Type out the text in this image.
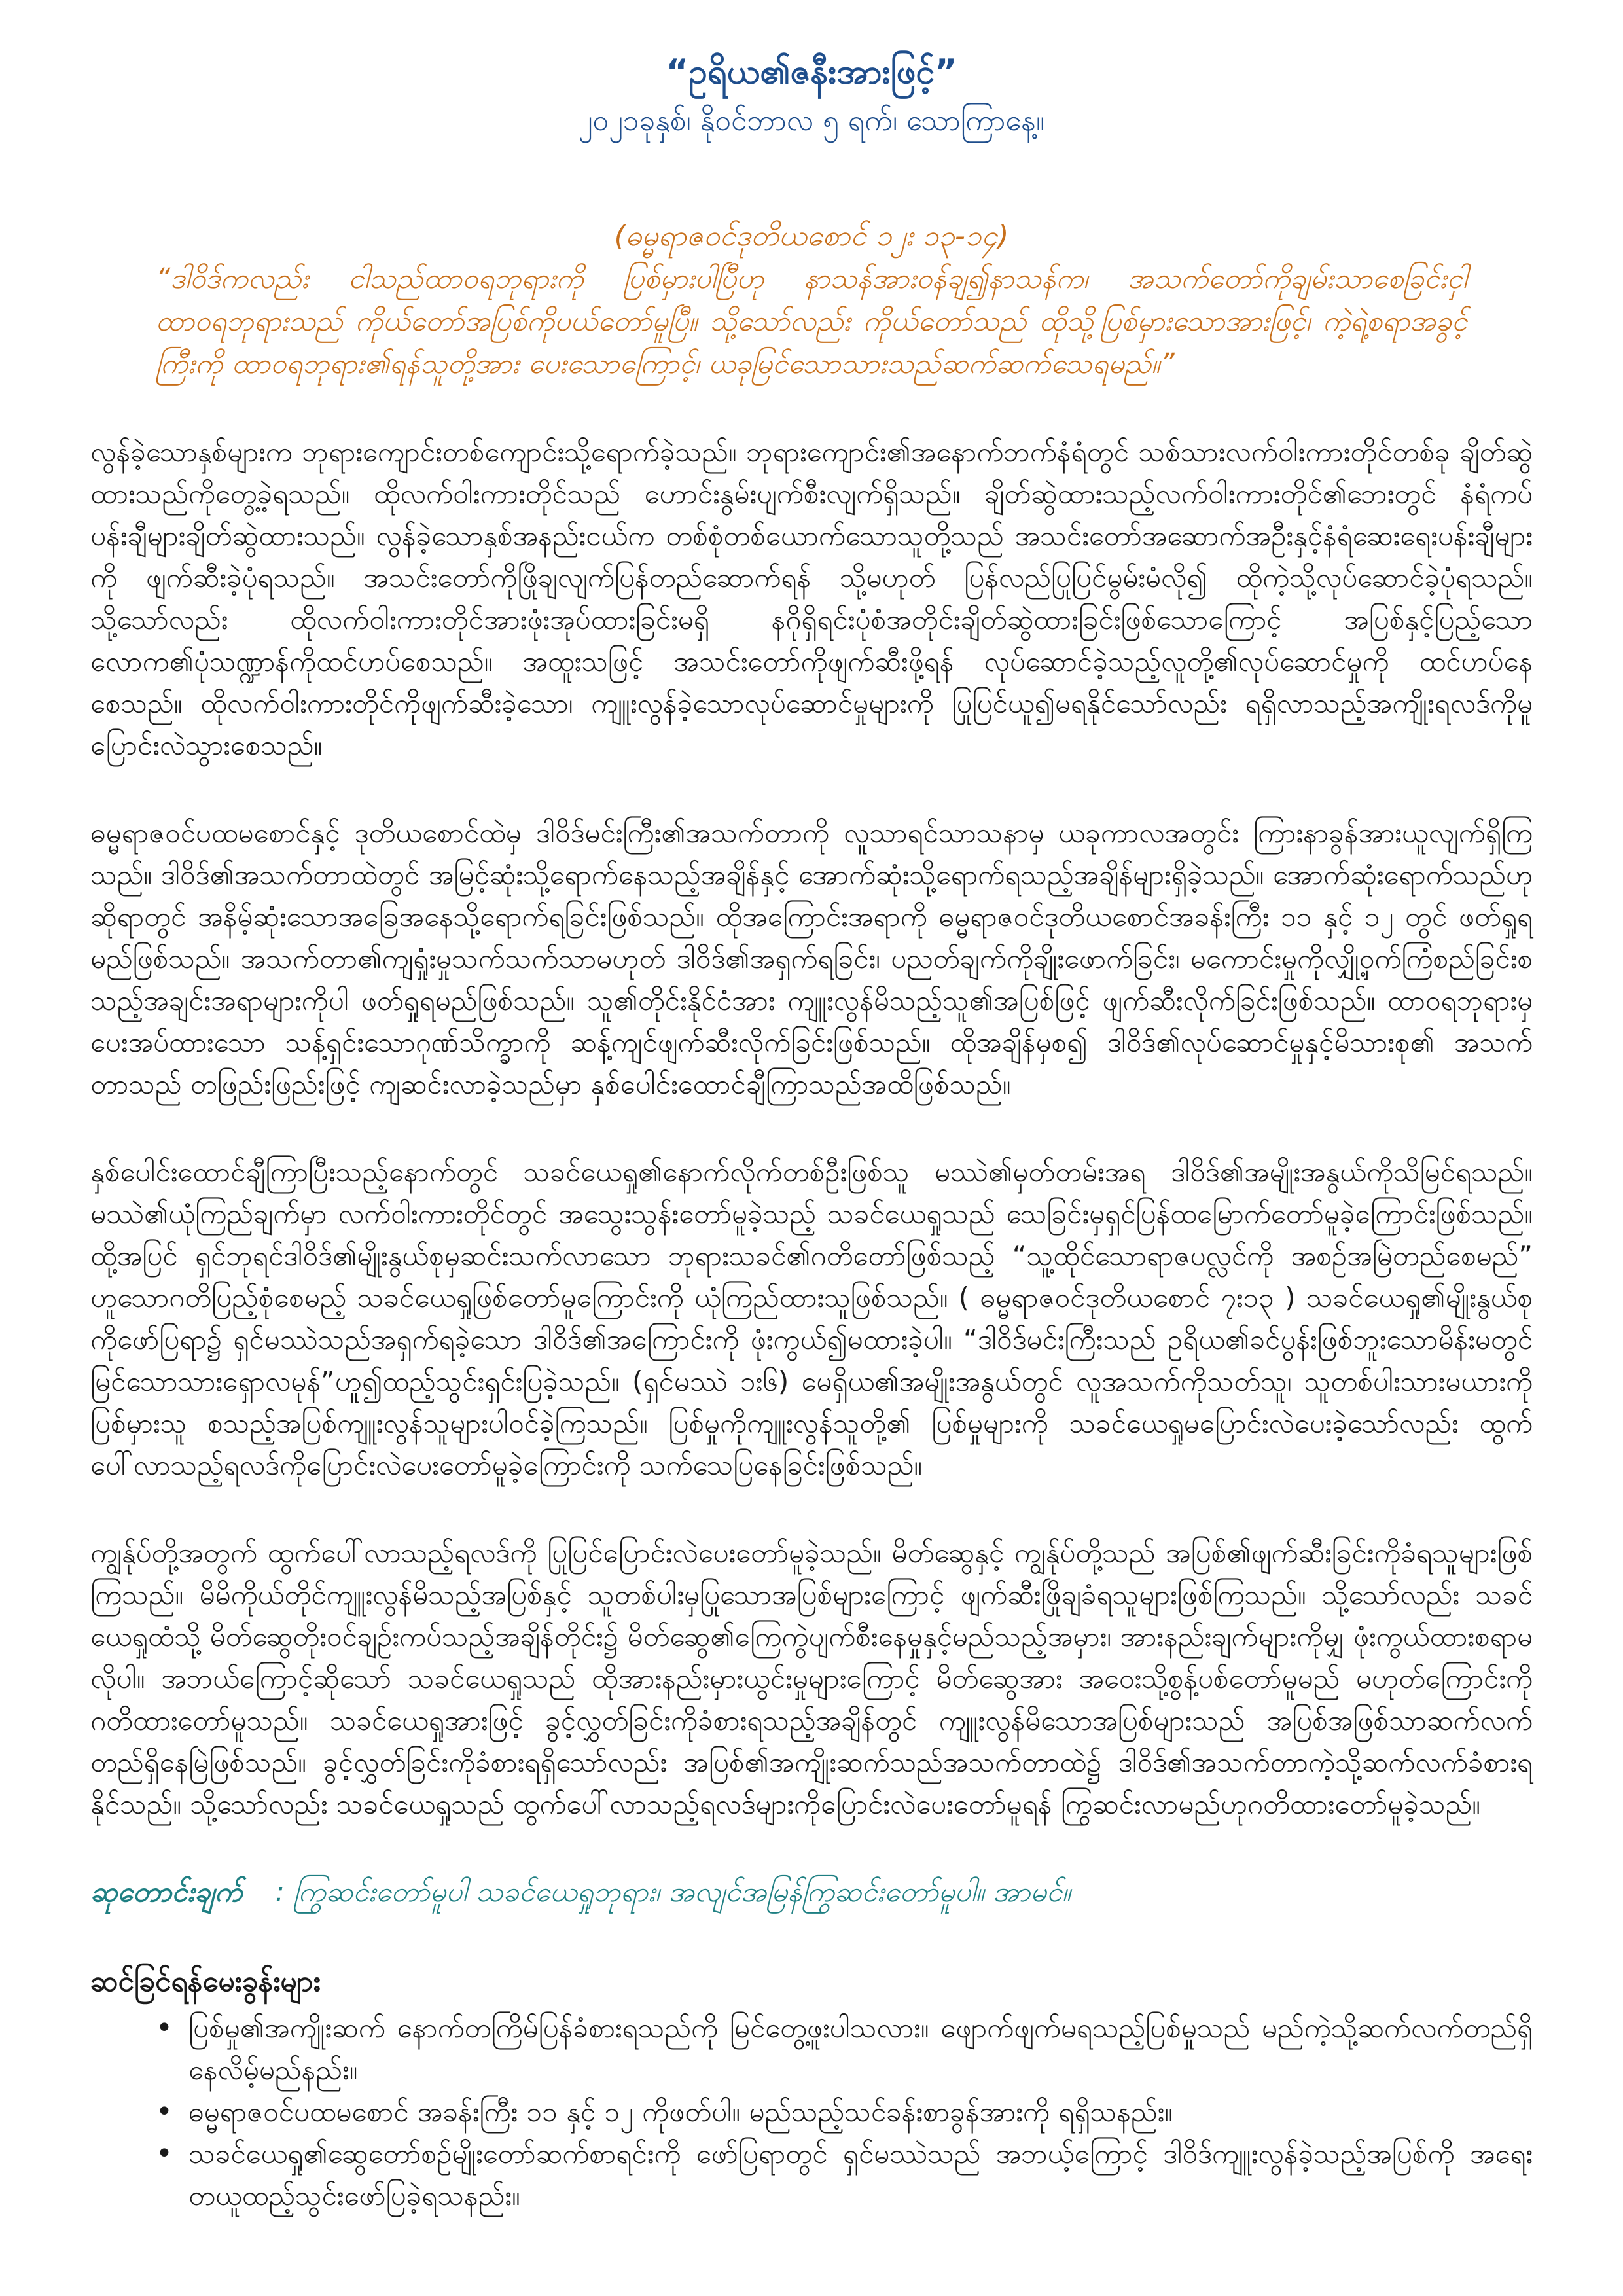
“ဥရိယ၏ဇနီးအားဖြင့်”

၂၀၂၁ခုနှစ်၊ နိုဝင်ဘာလ ၅ ရက်၊ သောကြာနေ့။

(ဓမ္မရာဇဝင်ဒုတိယစောင် ၁၂း ၁၃-၁၄)

“ဒါဝိဒ်ကလည်း ငါသည်ထာဝရဘုရားကို ပြစ်မှားပါပြီဟု နာသန်အားဝန်ချ၍နာသန်က၊ အသက်တော်ကိုချမ်းသာစေခြင်းငှါ ထာဝရဘုရားသည် ကိုယ်တော်အပြစ်ကိုပယ်တော်မူပြီ။ သို့သော်လည်း ကိုယ်တော်သည် ထိုသို့ပြစ်မှားသောအားဖြင့်၊ ကဲ့ရဲ့စရာအခွင့်ကြီးကို ထာဝရဘုရား၏ရန်သူတို့အား ပေးသောကြောင့်၊ ယခုမြင်သောသားသည်ဆက်ဆက်သေရမည်။”

လွန်ခဲ့သောနှစ်များက ဘုရားကျောင်းတစ်ကျောင်းသို့ရောက်ခဲ့သည်။ ဘုရားကျောင်း၏အနောက်ဘက်နံရံတွင် သစ်သားလက်ဝါးကားတိုင်တစ်ခု ချိတ်ဆွဲထားသည်ကိုတွေ့ခဲ့ရသည်။ ထိုလက်ဝါးကားတိုင်သည် ဟောင်းနွမ်းပျက်စီးလျက်ရှိသည်။ ချိတ်ဆွဲထားသည့်လက်ဝါးကားတိုင်၏ဘေးတွင် နံရံကပ် ပန်းချီများချိတ်ဆွဲထားသည်။ လွန်ခဲ့သောနှစ်အနည်းငယ်က တစ်စုံတစ်ယောက်သောသူတို့သည် အသင်းတော်အဆောက်အဦးနှင့်နံရံဆေးရေးပန်းချီများကို ဖျက်ဆီးခဲ့ပုံရသည်။ အသင်းတော်ကိုဖြိုချလျက်ပြန်တည်ဆောက်ရန် သို့မဟုတ် ပြန်လည်ပြုပြင်မွမ်းမံလို၍ ထိုကဲ့သို့လုပ်ဆောင်ခဲ့ပုံရသည်။ သို့သော်လည်း ထိုလက်ဝါးကားတိုင်အားဖုံးအုပ်ထားခြင်းမရှိ နဂိုရှိရင်းပုံစံအတိုင်းချိတ်ဆွဲထားခြင်းဖြစ်သောကြောင့် အပြစ်နှင့်ပြည့်သော လောက၏ပုံသဏ္ဍာန်ကိုထင်ဟပ်စေသည်။ အထူးသဖြင့် အသင်းတော်ကိုဖျက်ဆီးဖို့ရန် လုပ်ဆောင်ခဲ့သည့်လူတို့၏လုပ်ဆောင်မှုကို ထင်ဟပ်နေစေသည်။ ထိုလက်ဝါးကားတိုင်ကိုဖျက်ဆီးခဲ့သော၊ ကျူးလွန်ခဲ့သောလုပ်ဆောင်မှုများကို ပြုပြင်ယူ၍မရနိုင်သော်လည်း ရရှိလာသည့်အကျိုးရလဒ်ကိုမူ ပြောင်းလဲသွားစေသည်။

ဓမ္မရာဇဝင်ပထမစောင်နှင့် ဒုတိယစောင်ထဲမှ ဒါဝိဒ်မင်းကြီး၏အသက်တာကို လူသာရင်သာသနာမှ ယခုကာလအတွင်း ကြားနာခွန်အားယူလျက်ရှိကြသည်။ ဒါဝိဒ်၏အသက်တာထဲတွင် အမြင့်ဆုံးသို့ရောက်နေသည့်အချိန်နှင့် အောက်ဆုံးသို့ရောက်ရသည့်အချိန်များရှိခဲ့သည်။ အောက်ဆုံးရောက်သည်ဟု ဆိုရာတွင် အနိမ့်ဆုံးသောအခြေအနေသို့ရောက်ရခြင်းဖြစ်သည်။ ထိုအကြောင်းအရာကို ဓမ္မရာဇဝင်ဒုတိယစောင်အခန်းကြီး ၁၁ နှင့် ၁၂ တွင် ဖတ်ရှုရမည်ဖြစ်သည်။ အသက်တာ၏ကျရှုံးမှုသက်သက်သာမဟုတ် ဒါဝိဒ်၏အရှက်ရခြင်း၊ ပညတ်ချက်ကိုချိုးဖောက်ခြင်း၊ မကောင်းမှုကိုလျှို့ဝှက်ကြံစည်ခြင်းစသည့်အချင်းအရာများကိုပါ ဖတ်ရှုရမည်ဖြစ်သည်။ သူ၏တိုင်းနိုင်ငံအား ကျူးလွန်မိသည့်သူ၏အပြစ်ဖြင့် ဖျက်ဆီးလိုက်ခြင်းဖြစ်သည်။ ထာဝရဘုရားမှပေးအပ်ထားသော သန့်ရှင်းသောဂုဏ်သိက္ခာကို ဆန့်ကျင်ဖျက်ဆီးလိုက်ခြင်းဖြစ်သည်။ ထိုအချိန်မှစ၍ ဒါဝိဒ်၏လုပ်ဆောင်မှုနှင့်မိသားစု၏ အသက်တာသည် တဖြည်းဖြည်းဖြင့် ကျဆင်းလာခဲ့သည်မှာ နှစ်ပေါင်းထောင်ချီကြာသည်အထိဖြစ်သည်။

နှစ်ပေါင်းထောင်ချီကြာပြီးသည့်နောက်တွင် သခင်ယေရှု၏နောက်လိုက်တစ်ဦးဖြစ်သူ မဿဲ၏မှတ်တမ်းအရ ဒါဝိဒ်၏အမျိုးအနွယ်ကိုသိမြင်ရသည်။ မဿဲ၏ယုံကြည်ချက်မှာ လက်ဝါးကားတိုင်တွင် အသွေးသွန်းတော်မူခဲ့သည့် သခင်ယေရှုသည် သေခြင်းမှရှင်ပြန်ထမြောက်တော်မူခဲ့ကြောင်းဖြစ်သည်။ ထို့အပြင် ရှင်ဘုရင်ဒါဝိဒ်၏မျိုးနွယ်စုမှဆင်းသက်လာသော ဘုရားသခင်၏ဂတိတော်ဖြစ်သည့် “သူ့ထိုင်သောရာဇပလ္လင်ကို အစဉ်အမြဲတည်စေမည်” ဟူသောဂတိပြည့်စုံစေမည့် သခင်ယေရှုဖြစ်တော်မူကြောင်းကို ယုံကြည်ထားသူဖြစ်သည်။ ( ဓမ္မရာဇဝင်ဒုတိယစောင် ၇း၁၃ ) သခင်ယေရှု၏မျိုးနွယ်စုကိုဖော်ပြရာ၌ ရှင်မဿဲသည်အရှက်ရခဲ့သော ဒါဝိဒ်၏အကြောင်းကို ဖုံးကွယ်၍မထားခဲ့ပါ။ “ဒါဝိဒ်မင်းကြီးသည် ဥရိယ၏ခင်ပွန်းဖြစ်ဘူးသောမိန်းမတွင် မြင်သောသားရှောလမုန်”ဟူ၍ထည့်သွင်းရှင်းပြခဲ့သည်။ (ရှင်မဿဲ ၁း၆) မေရှိယ၏အမျိုးအနွယ်တွင် လူအသက်ကိုသတ်သူ၊ သူတစ်ပါးသားမယားကို ပြစ်မှားသူ စသည့်အပြစ်ကျူးလွန်သူများပါဝင်ခဲ့ကြသည်။ ပြစ်မှုကိုကျူးလွန်သူတို့၏ ပြစ်မှုများကို သခင်ယေရှုမပြောင်းလဲပေးခဲ့သော်လည်း ထွက်ပေါ်လာသည့်ရလဒ်ကိုပြောင်းလဲပေးတော်မူခဲ့ကြောင်းကို သက်သေပြနေခြင်းဖြစ်သည်။

ကျွန်ုပ်တို့အတွက် ထွက်ပေါ်လာသည့်ရလဒ်ကို ပြုပြင်ပြောင်းလဲပေးတော်မူခဲ့သည်။ မိတ်ဆွေနှင့် ကျွန်ုပ်တို့သည် အပြစ်၏ဖျက်ဆီးခြင်းကိုခံရသူများဖြစ်ကြသည်။ မိမိကိုယ်တိုင်ကျူးလွန်မိသည့်အပြစ်နှင့် သူတစ်ပါးမှပြုသောအပြစ်များကြောင့် ဖျက်ဆီးဖြိုချခံရသူများဖြစ်ကြသည်။ သို့သော်လည်း သခင်ယေရှုထံသို့ မိတ်ဆွေတိုးဝင်ချဉ်းကပ်သည့်အချိန်တိုင်း၌ မိတ်ဆွေ၏ကြေကွဲပျက်စီးနေမှုနှင့်မည်သည့်အမှား၊ အားနည်းချက်များကိုမျှ ဖုံးကွယ်ထားစရာမလိုပါ။ အဘယ်ကြောင့်ဆိုသော် သခင်ယေရှုသည် ထိုအားနည်းမှားယွင်းမှုများကြောင့် မိတ်ဆွေအား အဝေးသို့စွန့်ပစ်တော်မူမည် မဟုတ်ကြောင်းကို ဂတိထားတော်မူသည်။ သခင်ယေရှုအားဖြင့် ခွင့်လွှတ်ခြင်းကိုခံစားရသည့်အချိန်တွင် ကျူးလွန်မိသောအပြစ်များသည် အပြစ်အဖြစ်သာဆက်လက်တည်ရှိနေမြဲဖြစ်သည်။ ခွင့်လွှတ်ခြင်းကိုခံစားရရှိသော်လည်း အပြစ်၏အကျိုးဆက်သည်အသက်တာထဲ၌ ဒါဝိဒ်၏အသက်တာကဲ့သို့ဆက်လက်ခံစားရနိုင်သည်။ သို့သော်လည်း သခင်ယေရှုသည် ထွက်ပေါ်လာသည့်ရလဒ်များကိုပြောင်းလဲပေးတော်မူရန် ကြွဆင်းလာမည်ဟုဂတိထားတော်မူခဲ့သည်။

ဆုတောင်းချက် : ကြွဆင်းတော်မူပါ သခင်ယေရှုဘုရား၊ အလျင်အမြန်ကြွဆင်းတော်မူပါ။ အာမင်။
ဆင်ခြင်ရန်မေးခွန်းများ
• ပြစ်မှု၏အကျိုးဆက် နောက်တကြိမ်ပြန်ခံစားရသည်ကို မြင်တွေ့ဖူးပါသလား။ ဖျောက်ဖျက်မရသည့်ပြစ်မှုသည် မည်ကဲ့သို့ဆက်လက်တည်ရှိနေလိမ့်မည်နည်း။
• ဓမ္မရာဇဝင်ပထမစောင် အခန်းကြီး ၁၁ နှင့် ၁၂ ကိုဖတ်ပါ။ မည်သည့်သင်ခန်းစာခွန်အားကို ရရှိသနည်း။
• သခင်ယေရှု၏ဆွေတော်စဉ်မျိုးတော်ဆက်စာရင်းကို ဖော်ပြရာတွင် ရှင်မဿဲသည် အဘယ့်ကြောင့် ဒါဝိဒ်ကျူးလွန်ခဲ့သည့်အပြစ်ကို အရေးတယူထည့်သွင်းဖော်ပြခဲ့ရသနည်း။
